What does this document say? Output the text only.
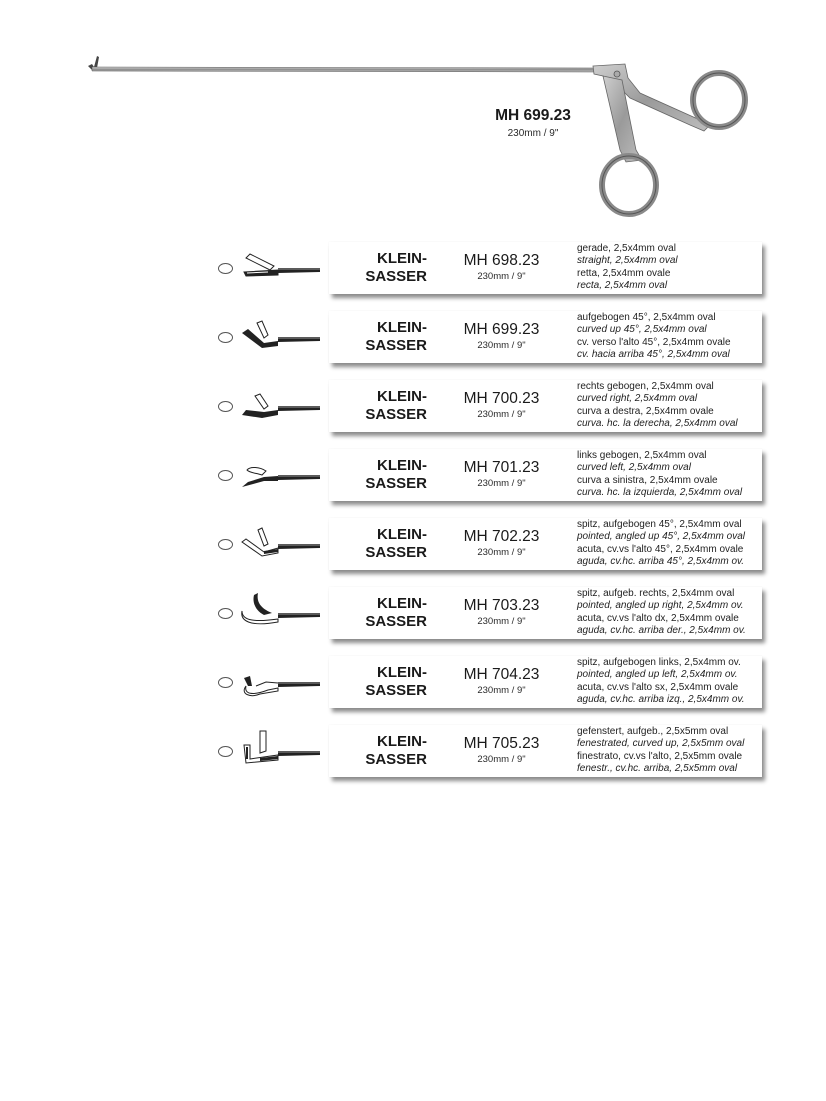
MH 699.23
230mm / 9"
KLEIN-
SASSER
MH 698.23
230mm / 9"
gerade, 2,5x4mm oval
straight, 2,5x4mm oval
retta, 2,5x4mm ovale
recta, 2,5x4mm oval
KLEIN-
SASSER
MH 699.23
230mm / 9"
aufgebogen 45°, 2,5x4mm oval
curved up 45°, 2,5x4mm oval
cv. verso l'alto 45°, 2,5x4mm ovale
cv. hacia arriba 45°, 2,5x4mm oval
KLEIN-
SASSER
MH 700.23
230mm / 9"
rechts gebogen, 2,5x4mm oval
curved right, 2,5x4mm oval
curva a destra, 2,5x4mm ovale
curva. hc. la derecha, 2,5x4mm oval
KLEIN-
SASSER
MH 701.23
230mm / 9"
links gebogen, 2,5x4mm oval
curved left, 2,5x4mm oval
curva a sinistra, 2,5x4mm ovale
curva. hc. la izquierda, 2,5x4mm oval
KLEIN-
SASSER
MH 702.23
230mm / 9"
spitz, aufgebogen 45°, 2,5x4mm oval
pointed, angled up 45°, 2,5x4mm oval
acuta, cv.vs l'alto 45°, 2,5x4mm ovale
aguda, cv.hc. arriba 45°, 2,5x4mm ov.
KLEIN-
SASSER
MH 703.23
230mm / 9"
spitz, aufgeb. rechts, 2,5x4mm oval
pointed, angled up right, 2,5x4mm ov.
acuta, cv.vs l'alto dx, 2,5x4mm ovale
aguda, cv.hc. arriba der., 2,5x4mm ov.
KLEIN-
SASSER
MH 704.23
230mm / 9"
spitz, aufgebogen links, 2,5x4mm ov.
pointed, angled up left, 2,5x4mm ov.
acuta, cv.vs l'alto sx, 2,5x4mm ovale
aguda, cv.hc. arriba izq., 2,5x4mm ov.
KLEIN-
SASSER
MH 705.23
230mm / 9"
gefenstert, aufgeb., 2,5x5mm oval
fenestrated, curved up, 2,5x5mm oval
finestrato, cv.vs l'alto, 2,5x5mm ovale
fenestr., cv.hc. arriba, 2,5x5mm oval
